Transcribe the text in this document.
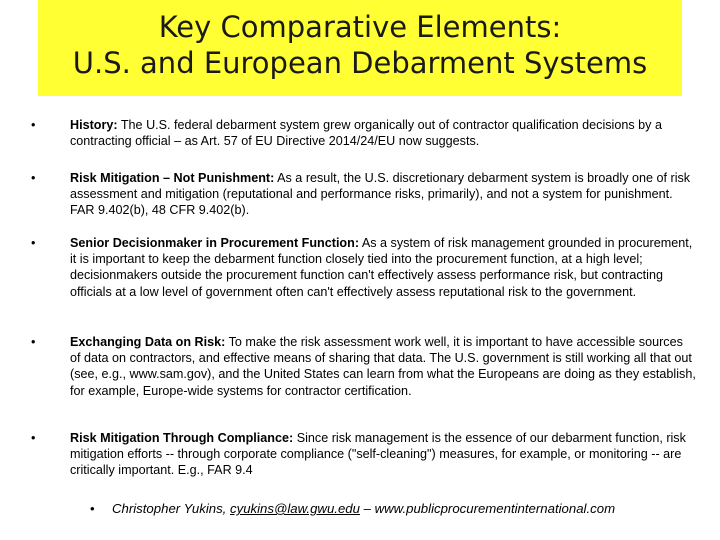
Key Comparative Elements:
U.S. and European Debarment Systems
•	History: The U.S. federal debarment system grew organically out of contractor qualification decisions by a contracting official – as Art. 57 of EU Directive 2014/24/EU now suggests.
•	Risk Mitigation – Not Punishment: As a result, the U.S. discretionary debarment system is broadly one of risk assessment and mitigation (reputational and performance risks, primarily), and not a system for punishment. FAR 9.402(b), 48 CFR 9.402(b).
•	Senior Decisionmaker in Procurement Function: As a system of risk management grounded in procurement, it is important to keep the debarment function closely tied into the procurement function, at a high level; decisionmakers outside the procurement function can't effectively assess performance risk, but contracting officials at a low level of government often can't effectively assess reputational risk to the government.
•	Exchanging Data on Risk: To make the risk assessment work well, it is important to have accessible sources of data on contractors, and effective means of sharing that data. The U.S. government is still working all that out (see, e.g., www.sam.gov), and the United States can learn from what the Europeans are doing as they establish, for example, Europe-wide systems for contractor certification.
•	Risk Mitigation Through Compliance: Since risk management is the essence of our debarment function, risk mitigation efforts -- through corporate compliance ("self-cleaning") measures, for example, or monitoring -- are critically important. E.g., FAR 9.4
• Christopher Yukins, cyukins@law.gwu.edu – www.publicprocurementinternational.com
